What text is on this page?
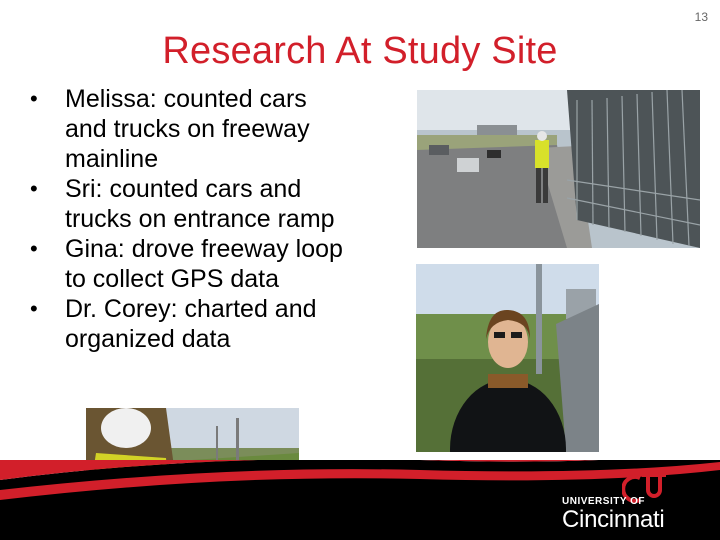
13
Research At Study Site
• Melissa: counted cars
and trucks on freeway
mainline
• Sri: counted cars and
trucks on entrance ramp
• Gina: drove freeway loop
to collect GPS data
• Dr. Corey: charted and
organized data
UNIVERSITY OF
Cincinnati
